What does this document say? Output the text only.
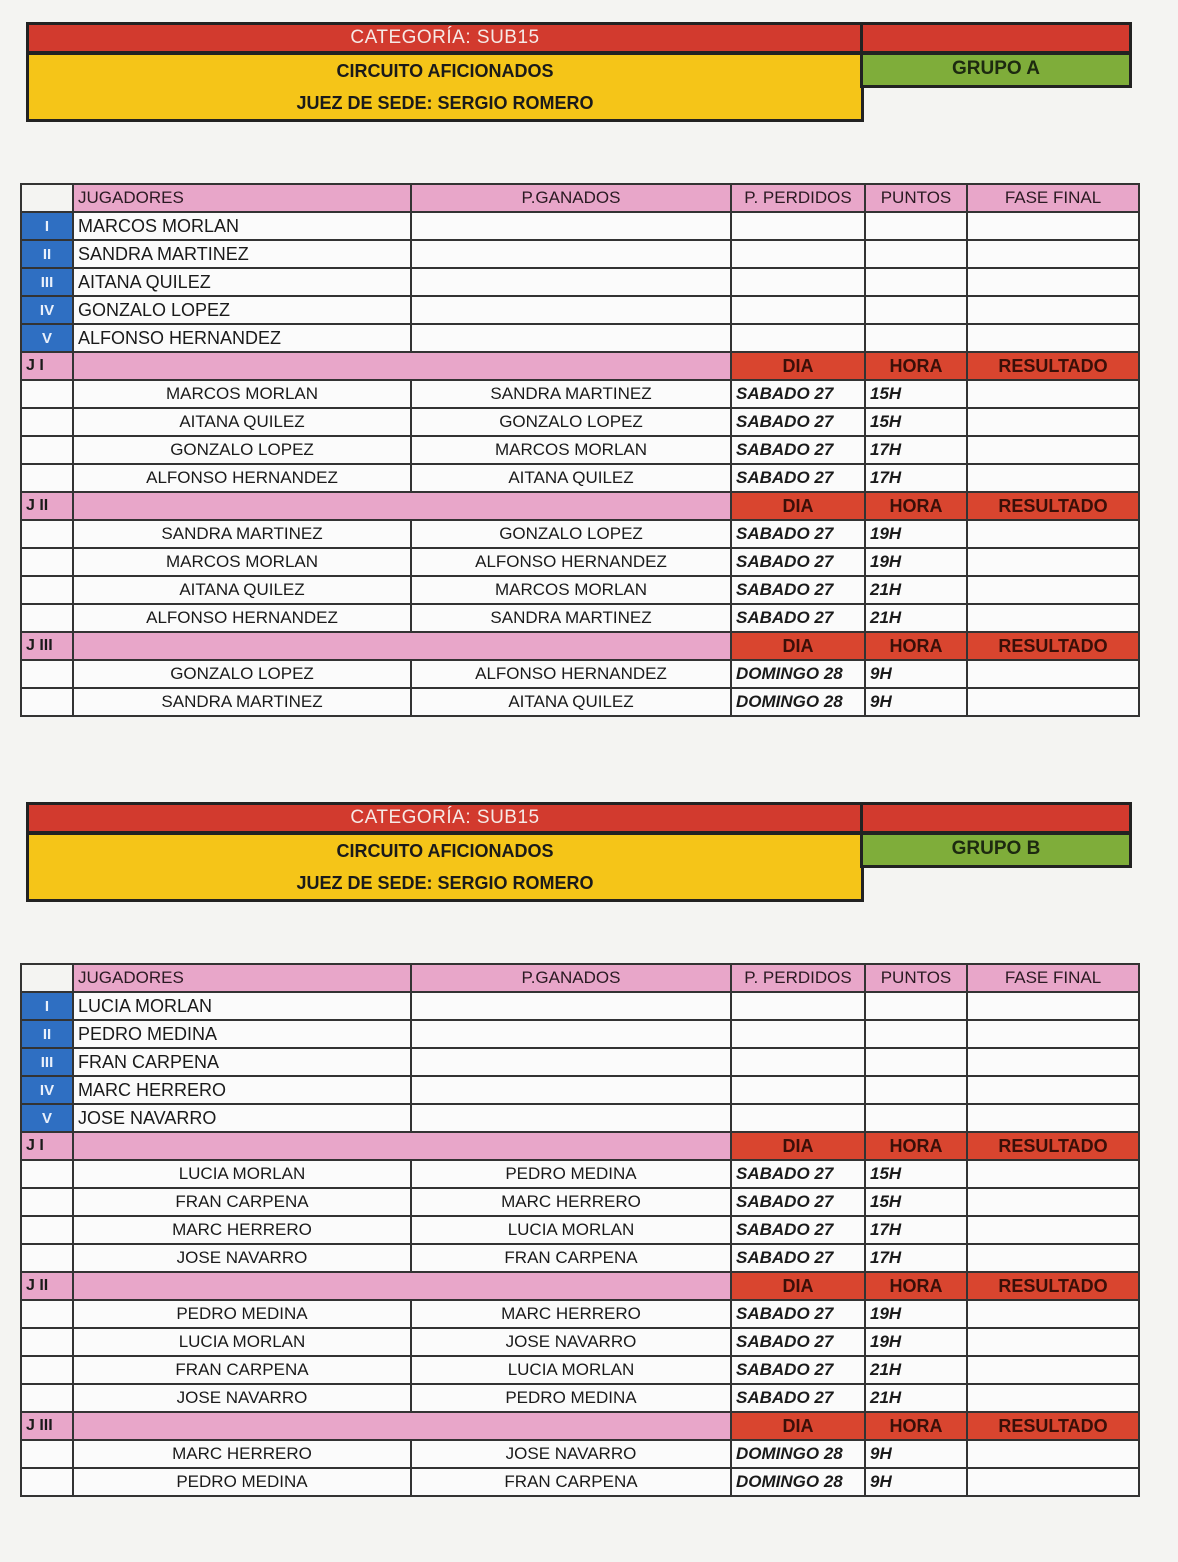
CATEGORÍA: SUB15
CIRCUITO AFICIONADOS
JUEZ DE SEDE: SERGIO ROMERO
GRUPO A
	JUGADORES	P.GANADOS	P. PERDIDOS	PUNTOS	FASE FINAL
I	MARCOS MORLAN				
II	SANDRA MARTINEZ				
III	AITANA QUILEZ				
IV	GONZALO LOPEZ				
V	ALFONSO HERNANDEZ				
J I			DIA	HORA	RESULTADO
	MARCOS MORLAN	SANDRA MARTINEZ	SABADO 27	15H	
	AITANA QUILEZ	GONZALO LOPEZ	SABADO 27	15H	
	GONZALO LOPEZ	MARCOS MORLAN	SABADO 27	17H	
	ALFONSO HERNANDEZ	AITANA QUILEZ	SABADO 27	17H	
J II			DIA	HORA	RESULTADO
	SANDRA MARTINEZ	GONZALO LOPEZ	SABADO 27	19H	
	MARCOS MORLAN	ALFONSO HERNANDEZ	SABADO 27	19H	
	AITANA QUILEZ	MARCOS MORLAN	SABADO 27	21H	
	ALFONSO HERNANDEZ	SANDRA MARTINEZ	SABADO 27	21H	
J III			DIA	HORA	RESULTADO
	GONZALO LOPEZ	ALFONSO HERNANDEZ	DOMINGO 28	9H	
	SANDRA MARTINEZ	AITANA QUILEZ	DOMINGO 28	9H	
CATEGORÍA: SUB15
CIRCUITO AFICIONADOS
JUEZ DE SEDE: SERGIO ROMERO
GRUPO B
	JUGADORES	P.GANADOS	P. PERDIDOS	PUNTOS	FASE FINAL
I	LUCIA MORLAN				
II	PEDRO MEDINA				
III	FRAN CARPENA				
IV	MARC HERRERO				
V	JOSE NAVARRO				
J I			DIA	HORA	RESULTADO
	LUCIA MORLAN	PEDRO MEDINA	SABADO 27	15H	
	FRAN CARPENA	MARC HERRERO	SABADO 27	15H	
	MARC HERRERO	LUCIA MORLAN	SABADO 27	17H	
	JOSE NAVARRO	FRAN CARPENA	SABADO 27	17H	
J II			DIA	HORA	RESULTADO
	PEDRO MEDINA	MARC HERRERO	SABADO 27	19H	
	LUCIA MORLAN	JOSE NAVARRO	SABADO 27	19H	
	FRAN CARPENA	LUCIA MORLAN	SABADO 27	21H	
	JOSE NAVARRO	PEDRO MEDINA	SABADO 27	21H	
J III			DIA	HORA	RESULTADO
	MARC HERRERO	JOSE NAVARRO	DOMINGO 28	9H	
	PEDRO MEDINA	FRAN CARPENA	DOMINGO 28	9H	
